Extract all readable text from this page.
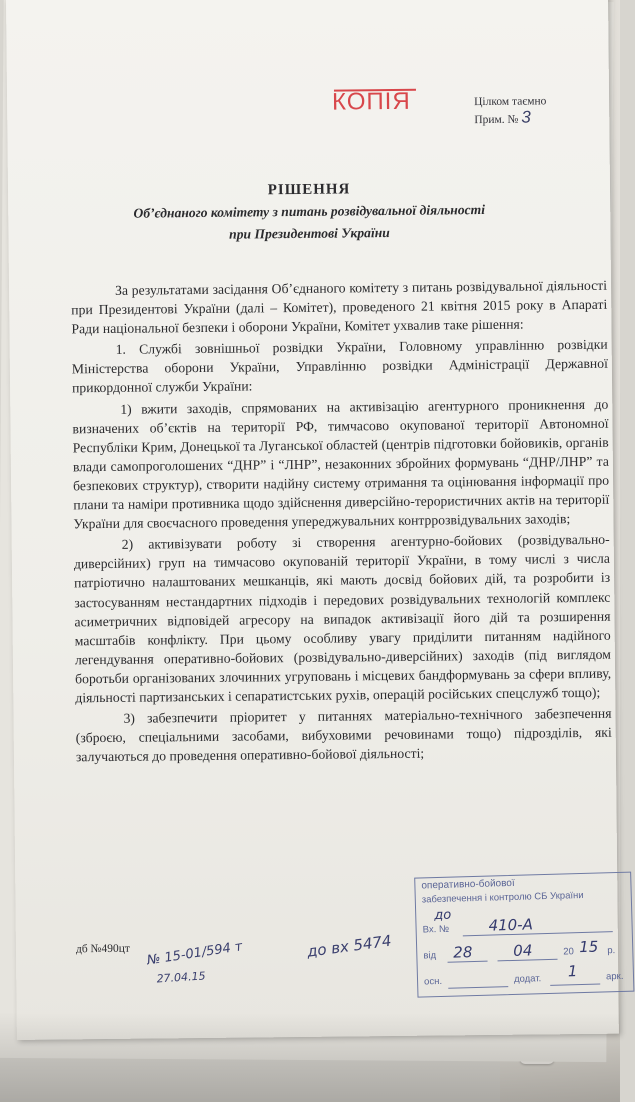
КОПІЯ	Цілком таємно
Прим. № 3
РІШЕННЯ
Об’єднаного комітету з питань розвідувальної діяльності
при Президентові України

За результатами засідання Об’єднаного комітету з питань розвідувальної діяльності при Президентові України (далі – Комітет), проведеного 21 квітня 2015 року в Апараті Ради національної безпеки і оборони України, Комітет ухвалив таке рішення:

1. Службі зовнішньої розвідки України, Головному управлінню розвідки Міністерства оборони України, Управлінню розвідки Адміністрації Державної прикордонної служби України:

1) вжити заходів, спрямованих на активізацію агентурного проникнення до визначених об’єктів на території РФ, тимчасово окупованої території Автономної Республіки Крим, Донецької та Луганської областей (центрів підготовки бойовиків, органів влади самопроголошених “ДНР” і “ЛНР”, незаконних збройних формувань “ДНР/ЛНР” та безпекових структур), створити надійну систему отримання та оцінювання інформації про плани та наміри противника щодо здійснення диверсійно-терористичних актів на території України для своєчасного проведення упереджувальних контррозвідувальних заходів;

2) активізувати роботу зі створення агентурно-бойових (розвідувально-диверсійних) груп на тимчасово окупованій території України, в тому числі з числа патріотично налаштованих мешканців, які мають досвід бойових дій, та розробити із застосуванням нестандартних підходів і передових розвідувальних технологій комплекс асиметричних відповідей агресору на випадок активізації його дій та розширення масштабів конфлікту. При цьому особливу увагу приділити питанням надійного легендування оперативно-бойових (розвідувально-диверсійних) заходів (під виглядом боротьби організованих злочинних угруповань і місцевих бандформувань за сфери впливу, діяльності партизанських і сепаратистських рухів, операцій російських спецслужб тощо);

3) забезпечити пріоритет у питаннях матеріально-технічного забезпечення (зброєю, спеціальними засобами, вибуховими речовинами тощо) підрозділів, які залучаються до проведення оперативно-бойової діяльності;

дб №490цт № 15-01/594 т	до вх 5474
27.04.15
оперативно-бойової
забезпечення і контролю СБ України
Вх. №	410-А
до
від 28	04	20 15 р.
осн.	додат. 1	арк.
